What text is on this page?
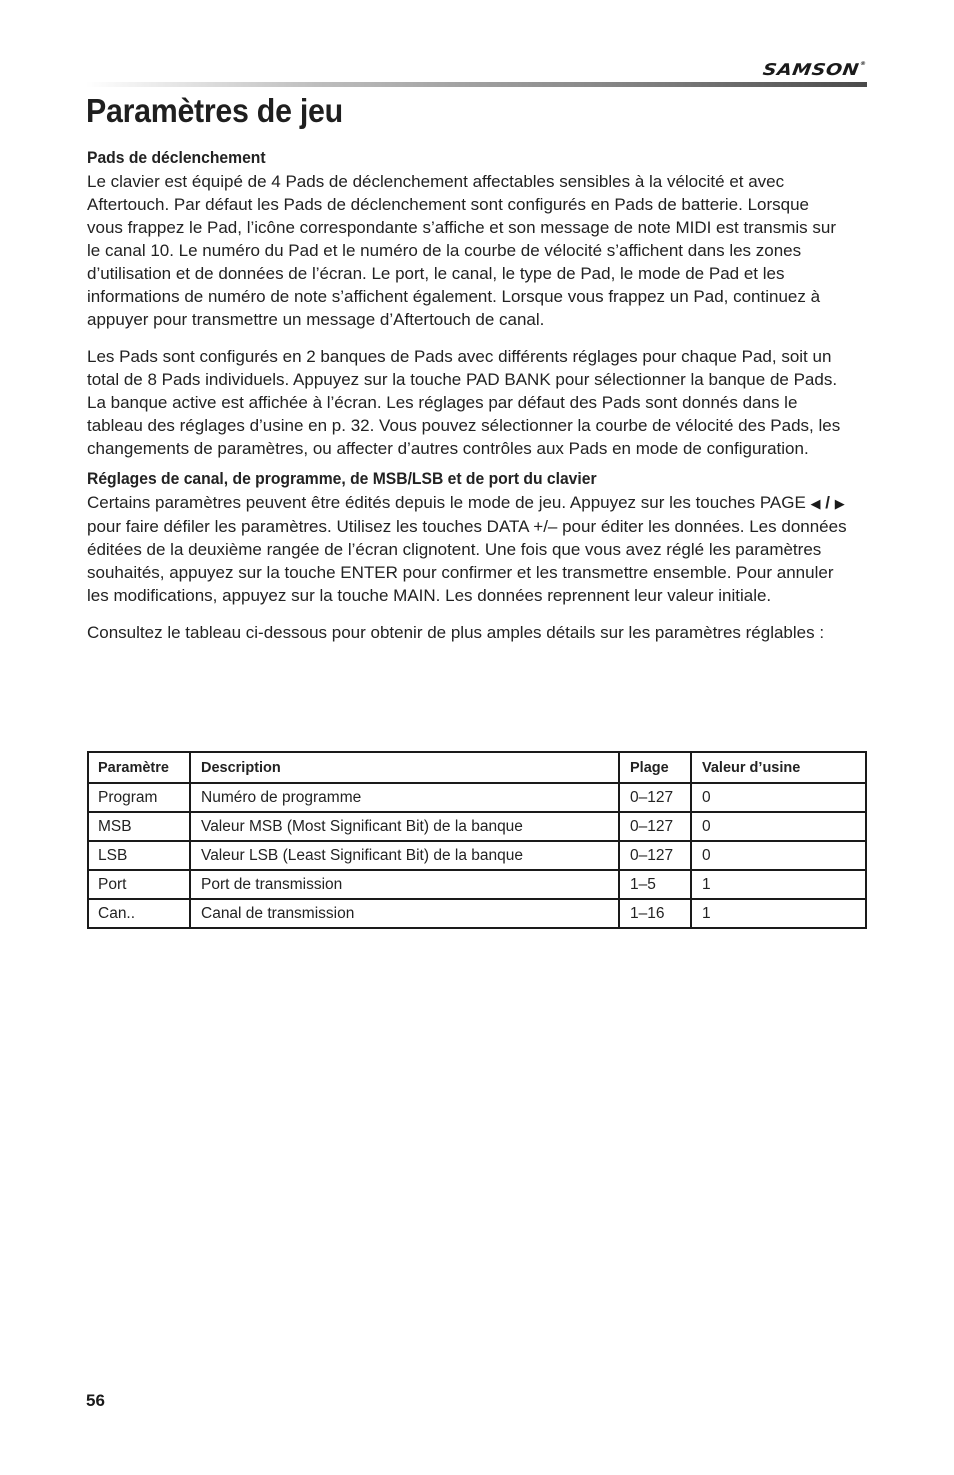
SAMSON®
Paramètres de jeu

Pads de déclenchement

Le clavier est équipé de 4 Pads de déclenchement affectables sensibles à la vélocité et avec Aftertouch. Par défaut les Pads de déclenchement sont configurés en Pads de batterie. Lorsque vous frappez le Pad, l’icône correspondante s’affiche et son message de note MIDI est transmis sur le canal 10. Le numéro du Pad et le numéro de la courbe de vélocité s’affichent dans les zones d’utilisation et de données de l’écran. Le port, le canal, le type de Pad, le mode de Pad et les informations de numéro de note s’affichent également. Lorsque vous frappez un Pad, continuez à appuyer pour transmettre un message d’Aftertouch de canal.

Les Pads sont configurés en 2 banques de Pads avec différents réglages pour chaque Pad, soit un total de 8 Pads individuels. Appuyez sur la touche PAD BANK pour sélectionner la banque de Pads. La banque active est affichée à l’écran. Les réglages par défaut des Pads sont donnés dans le tableau des réglages d’usine en p. 32. Vous pouvez sélectionner la courbe de vélocité des Pads, les changements de paramètres, ou affecter d’autres contrôles aux Pads en mode de configuration.

Réglages de canal, de programme, de MSB/LSB et de port du clavier

Certains paramètres peuvent être édités depuis le mode de jeu. Appuyez sur les touches PAGE ◀ / ▶ pour faire défiler les paramètres. Utilisez les touches DATA +/– pour éditer les données. Les données éditées de la deuxième rangée de l’écran clignotent. Une fois que vous avez réglé les paramètres souhaités, appuyez sur la touche ENTER pour confirmer et les transmettre ensemble. Pour annuler les modifications, appuyez sur la touche MAIN. Les données reprennent leur valeur initiale.

Consultez le tableau ci-dessous pour obtenir de plus amples détails sur les paramètres réglables :

Paramètre	Description	Plage	Valeur d’usine
Program	Numéro de programme	0–127	0
MSB	Valeur MSB (Most Significant Bit) de la banque	0–127	0
LSB	Valeur LSB (Least Significant Bit) de la banque	0–127	0
Port	Port de transmission	1–5	1
Can..	Canal de transmission	1–16	1
56
